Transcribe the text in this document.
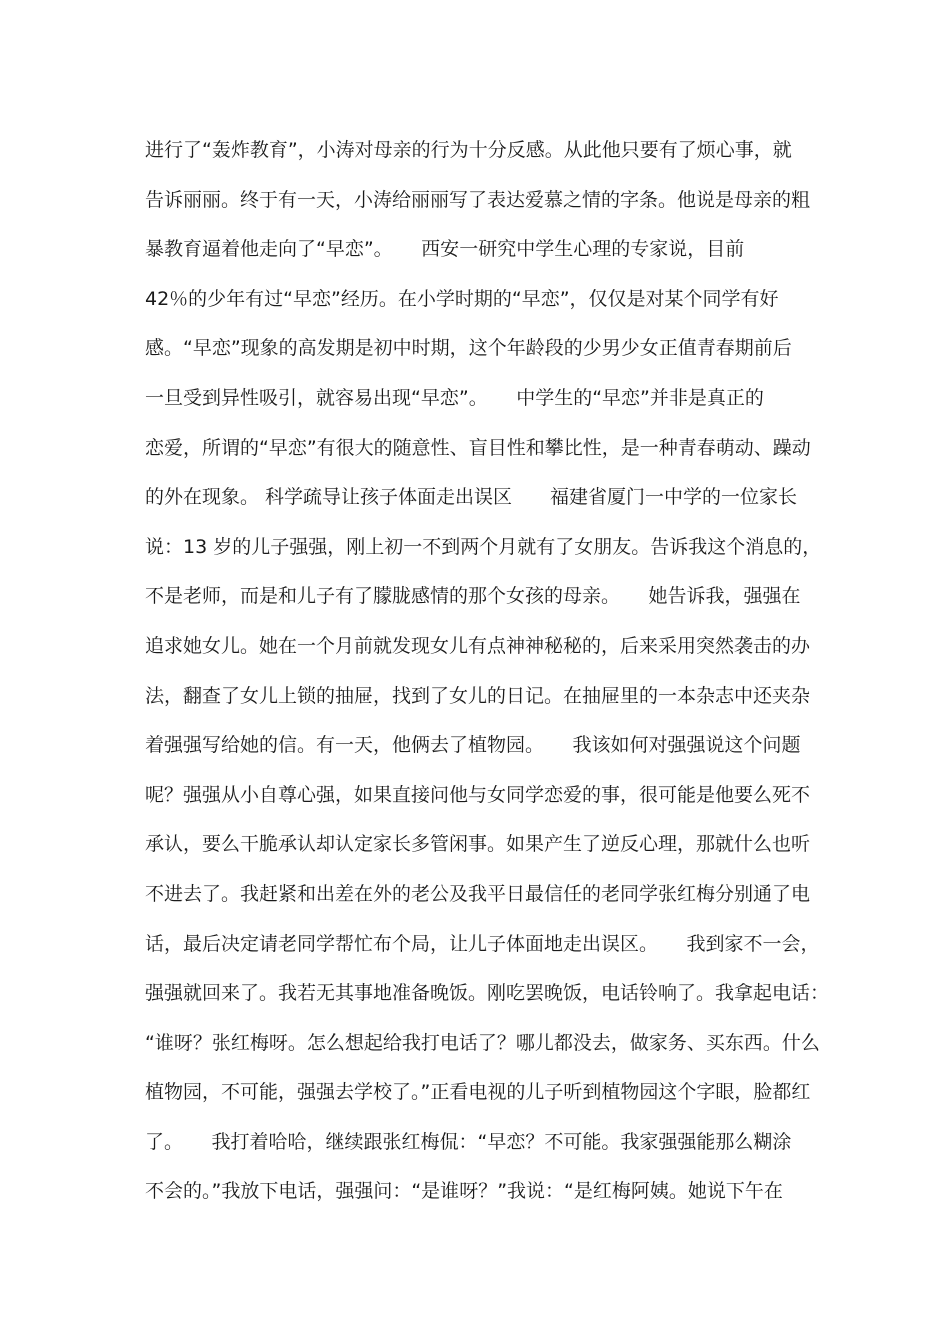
进行了“轰炸教育”，小涛对母亲的行为十分反感。从此他只要有了烦心事，就
告诉丽丽。终于有一天，小涛给丽丽写了表达爱慕之情的字条。他说是母亲的粗
暴教育逼着他走向了“早恋”。　　西安一研究中学生心理的专家说，目前
42％的少年有过“早恋”经历。在小学时期的“早恋”，仅仅是对某个同学有好
感。“早恋”现象的高发期是初中时期，这个年龄段的少男少女正值青春期前后
一旦受到异性吸引，就容易出现“早恋”。　　中学生的“早恋”并非是真正的
恋爱，所谓的“早恋”有很大的随意性、盲目性和攀比性，是一种青春萌动、躁动
的外在现象。 科学疏导让孩子体面走出误区　　福建省厦门一中学的一位家长
说：13 岁的儿子强强，刚上初一不到两个月就有了女朋友。告诉我这个消息的，
不是老师，而是和儿子有了朦胧感情的那个女孩的母亲。　　她告诉我，强强在
追求她女儿。她在一个月前就发现女儿有点神神秘秘的，后来采用突然袭击的办
法，翻查了女儿上锁的抽屉，找到了女儿的日记。在抽屉里的一本杂志中还夹杂
着强强写给她的信。有一天，他俩去了植物园。　　我该如何对强强说这个问题
呢？强强从小自尊心强，如果直接问他与女同学恋爱的事，很可能是他要么死不
承认，要么干脆承认却认定家长多管闲事。如果产生了逆反心理，那就什么也听
不进去了。我赶紧和出差在外的老公及我平日最信任的老同学张红梅分别通了电
话，最后决定请老同学帮忙布个局，让儿子体面地走出误区。　　我到家不一会，
强强就回来了。我若无其事地准备晚饭。刚吃罢晚饭，电话铃响了。我拿起电话：
“谁呀？张红梅呀。怎么想起给我打电话了？哪儿都没去，做家务、买东西。什么
植物园，不可能，强强去学校了。”正看电视的儿子听到植物园这个字眼，脸都红
了。　　我打着哈哈，继续跟张红梅侃：“早恋？不可能。我家强强能那么糊涂
不会的。”我放下电话，强强问：“是谁呀？”我说：“是红梅阿姨。她说下午在
